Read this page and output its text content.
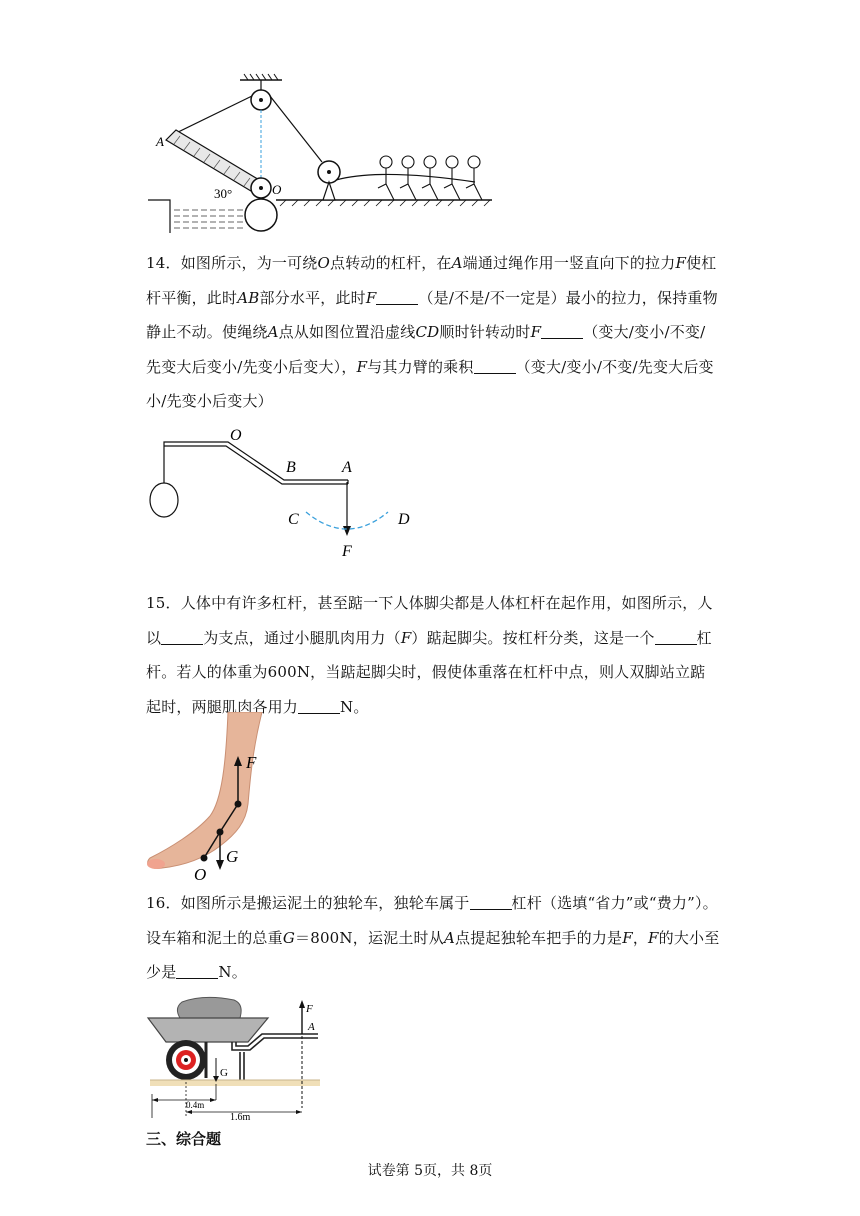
A
O
30°
14．如图所示，为一可绕O点转动的杠杆，在A端通过绳作用一竖直向下的拉力F使杠杆平衡，此时AB部分水平，此时F	（是/不是/不一定是）最小的拉力，保持重物静止不动。使绳绕A点从如图位置沿虚线CD顺时针转动时F	（变大/变小/不变/先变大后变小/先变小后变大），F与其力臂的乘积	（变大/变小/不变/先变大后变小/先变小后变大）
O
B	A
C	D
F
15．人体中有许多杠杆，甚至踮一下人体脚尖都是人体杠杆在起作用，如图所示，人以	为支点，通过小腿肌肉用力（F）踮起脚尖。按杠杆分类，这是一个	杠杆。若人的体重为600N，当踮起脚尖时，假使体重落在杠杆中点，则人双脚站立踮起时，两腿肌肉各用力	N。
F
G
O
16．如图所示是搬运泥土的独轮车，独轮车属于	杠杆（选填“省力”或“费力”）。设车箱和泥土的总重G＝800N，运泥土时从A点提起独轮车把手的力是F，F的大小至少是	N。
F
A
G
0.4m
1.6m
三、综合题
试卷第 5页，共 8页
